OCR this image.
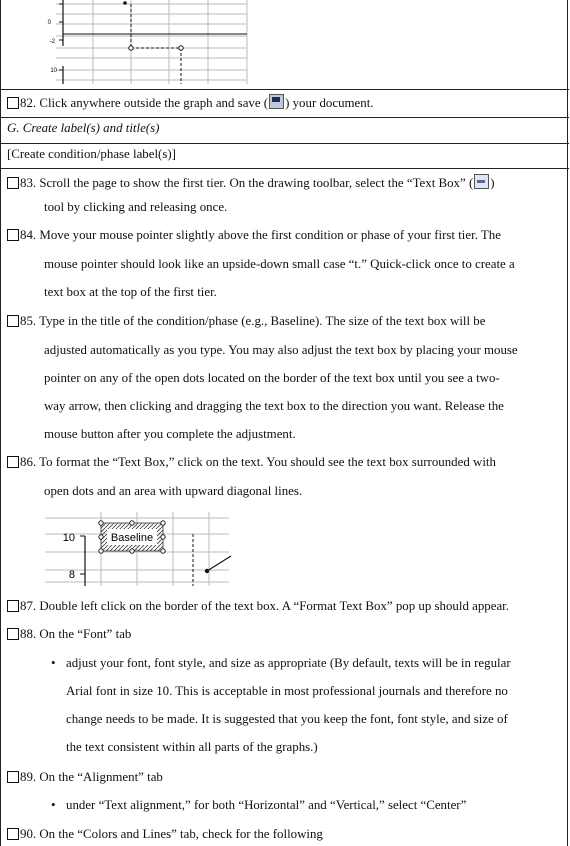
0
-2
10
82. Click anywhere outside the graph and save ( ) your document.
G. Create label(s) and title(s)
[Create condition/phase label(s)]
83. Scroll the page to show the first tier. On the drawing toolbar, select the “Text Box” ( )
tool by clicking and releasing once.
84. Move your mouse pointer slightly above the first condition or phase of your first tier. The
mouse pointer should look like an upside-down small case “t.” Quick-click once to create a
text box at the top of the first tier.
85. Type in the title of the condition/phase (e.g., Baseline). The size of the text box will be
adjusted automatically as you type. You may also adjust the text box by placing your mouse
pointer on any of the open dots located on the border of the text box until you see a two-
way arrow, then clicking and dragging the text box to the direction you want. Release the
mouse button after you complete the adjustment.
86. To format the “Text Box,” click on the text. You should see the text box surrounded with
open dots and an area with upward diagonal lines.
10
8
Baseline
87. Double left click on the border of the text box. A “Format Text Box” pop up should appear.
88. On the “Font” tab
• adjust your font, font style, and size as appropriate (By default, texts will be in regular
Arial font in size 10. This is acceptable in most professional journals and therefore no
change needs to be made. It is suggested that you keep the font, font style, and size of
the text consistent within all parts of the graphs.)
89. On the “Alignment” tab
• under “Text alignment,” for both “Horizontal” and “Vertical,” select “Center”
90. On the “Colors and Lines” tab, check for the following
